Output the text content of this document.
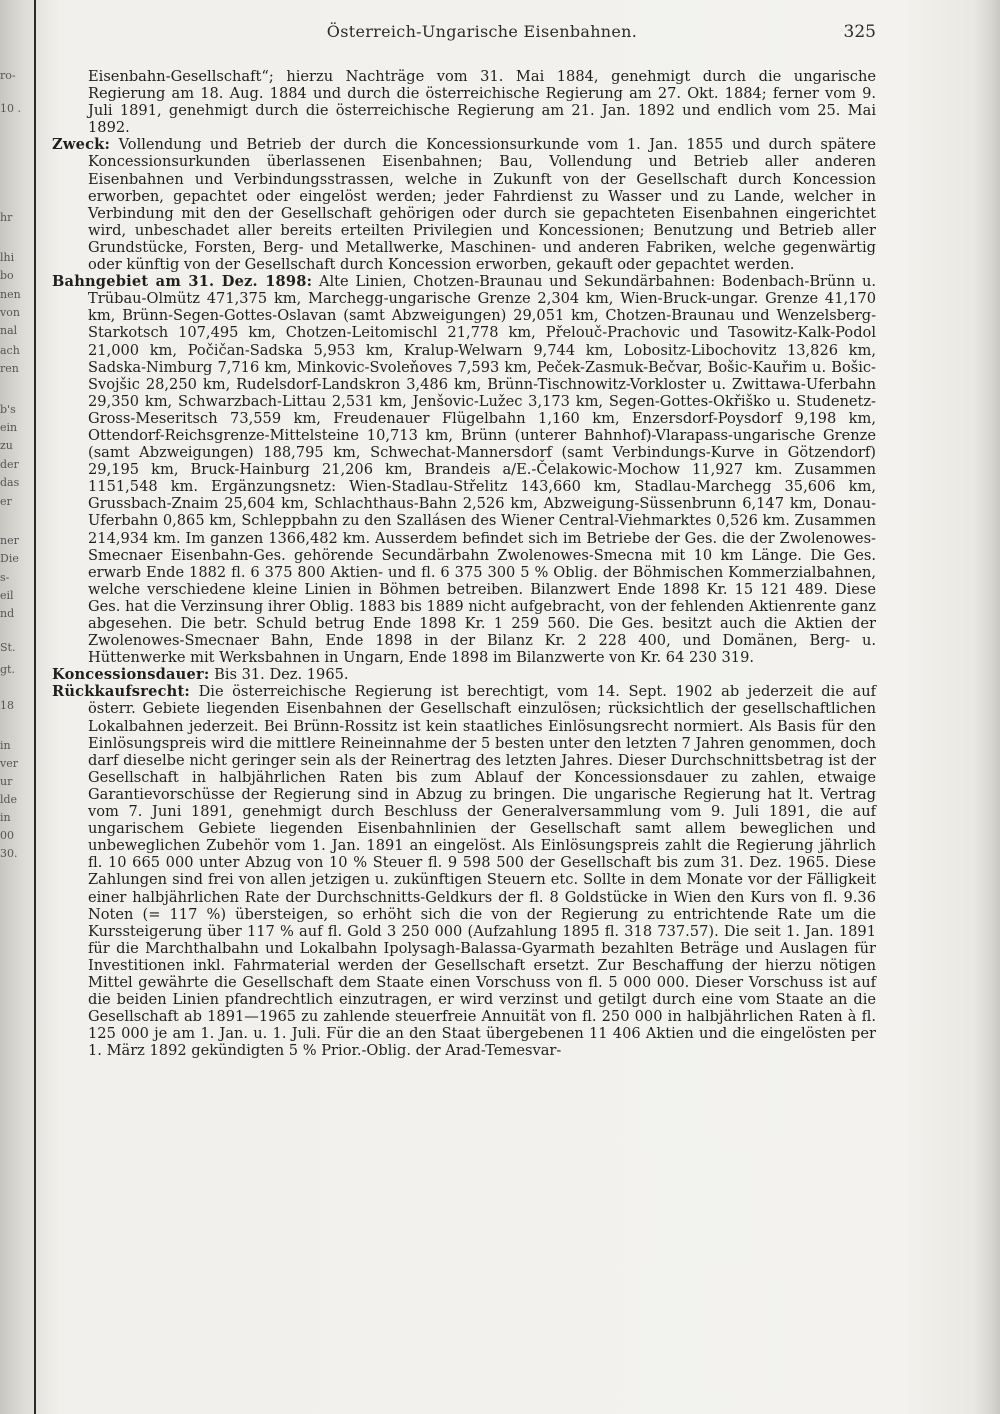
ro-
10 .
hr
lhi
bo
nen
von
nal
ach
ren
b's
ein
zu
der
das
er
ner
Die
s-
eil
nd
St.
gt.
18
in
ver
ur
lde
in
00
30.
Österreich-Ungarische Eisenbahnen.	325

Eisenbahn-Gesellschaft“; hierzu Nachträge vom 31. Mai 1884, genehmigt durch die ungarische Regierung am 18. Aug. 1884 und durch die österreichische Regierung am 27. Okt. 1884; ferner vom 9. Juli 1891, genehmigt durch die österreichische Regierung am 21. Jan. 1892 und endlich vom 25. Mai 1892.

Zweck: Vollendung und Betrieb der durch die Koncessionsurkunde vom 1. Jan. 1855 und durch spätere Koncessionsurkunden überlassenen Eisenbahnen; Bau, Vollendung und Betrieb aller anderen Eisenbahnen und Verbindungsstrassen, welche in Zukunft von der Gesellschaft durch Koncession erworben, gepachtet oder eingelöst werden; jeder Fahrdienst zu Wasser und zu Lande, welcher in Verbindung mit den der Gesellschaft gehörigen oder durch sie gepachteten Eisenbahnen eingerichtet wird, unbeschadet aller bereits erteilten Privilegien und Koncessionen; Benutzung und Betrieb aller Grundstücke, Forsten, Berg- und Metallwerke, Maschinen- und anderen Fabriken, welche gegenwärtig oder künftig von der Gesellschaft durch Koncession erworben, gekauft oder gepachtet werden.

Bahngebiet am 31. Dez. 1898: Alte Linien, Chotzen-Braunau und Sekundärbahnen: Bodenbach-Brünn u. Trübau-Olmütz 471,375 km, Marchegg-ungarische Grenze 2,304 km, Wien-Bruck-ungar. Grenze 41,170 km, Brünn-Segen-Gottes-Oslavan (samt Abzweigungen) 29,051 km, Chotzen-Braunau und Wenzelsberg-Starkotsch 107,495 km, Chotzen-Leitomischl 21,778 km, Přelouč-Prachovic und Tasowitz-Kalk-Podol 21,000 km, Počičan-Sadska 5,953 km, Kralup-Welwarn 9,744 km, Lobositz-Libochovitz 13,826 km, Sadska-Nimburg 7,716 km, Minkovic-Svoleňoves 7,593 km, Peček-Zasmuk-Bečvar, Bošic-Kauřim u. Bošic-Svojšic 28,250 km, Rudelsdorf-Landskron 3,486 km, Brünn-Tischnowitz-Vorkloster u. Zwittawa-Uferbahn 29,350 km, Schwarzbach-Littau 2,531 km, Jenšovic-Lužec 3,173 km, Segen-Gottes-Okřiško u. Studenetz-Gross-Meseritsch 73,559 km, Freudenauer Flügelbahn 1,160 km, Enzersdorf-Poysdorf 9,198 km, Ottendorf-Reichsgrenze-Mittelsteine 10,713 km, Brünn (unterer Bahnhof)-Vlarapass-ungarische Grenze (samt Abzweigungen) 188,795 km, Schwechat-Mannersdorf (samt Verbindungs-Kurve in Götzendorf) 29,195 km, Bruck-Hainburg 21,206 km, Brandeis a/E.-Čelakowic-Mochow 11,927 km. Zusammen 1151,548 km. Ergänzungsnetz: Wien-Stadlau-Střelitz 143,660 km, Stadlau-Marchegg 35,606 km, Grussbach-Znaim 25,604 km, Schlachthaus-Bahn 2,526 km, Abzweigung-Süssenbrunn 6,147 km, Donau-Uferbahn 0,865 km, Schleppbahn zu den Szallásen des Wiener Central-Viehmarktes 0,526 km. Zusammen 214,934 km. Im ganzen 1366,482 km. Ausserdem befindet sich im Betriebe der Ges. die der Zwolenowes-Smecnaer Eisenbahn-Ges. gehörende Secundärbahn Zwolenowes-Smecna mit 10 km Länge. Die Ges. erwarb Ende 1882 fl. 6 375 800 Aktien- und fl. 6 375 300 5 % Oblig. der Böhmischen Kommerzialbahnen, welche verschiedene kleine Linien in Böhmen betreiben. Bilanzwert Ende 1898 Kr. 15 121 489. Diese Ges. hat die Verzinsung ihrer Oblig. 1883 bis 1889 nicht aufgebracht, von der fehlenden Aktienrente ganz abgesehen. Die betr. Schuld betrug Ende 1898 Kr. 1 259 560. Die Ges. besitzt auch die Aktien der Zwolenowes-Smecnaer Bahn, Ende 1898 in der Bilanz Kr. 2 228 400, und Domänen, Berg- u. Hüttenwerke mit Werksbahnen in Ungarn, Ende 1898 im Bilanzwerte von Kr. 64 230 319.

Koncessionsdauer: Bis 31. Dez. 1965.

Rückkaufsrecht: Die österreichische Regierung ist berechtigt, vom 14. Sept. 1902 ab jederzeit die auf österr. Gebiete liegenden Eisenbahnen der Gesellschaft einzulösen; rücksichtlich der gesellschaftlichen Lokalbahnen jederzeit. Bei Brünn-Rossitz ist kein staatliches Einlösungsrecht normiert. Als Basis für den Einlösungspreis wird die mittlere Reineinnahme der 5 besten unter den letzten 7 Jahren genommen, doch darf dieselbe nicht geringer sein als der Reinertrag des letzten Jahres. Dieser Durchschnittsbetrag ist der Gesellschaft in halbjährlichen Raten bis zum Ablauf der Koncessionsdauer zu zahlen, etwaige Garantievorschüsse der Regierung sind in Abzug zu bringen. Die ungarische Regierung hat lt. Vertrag vom 7. Juni 1891, genehmigt durch Beschluss der Generalversammlung vom 9. Juli 1891, die auf ungarischem Gebiete liegenden Eisenbahnlinien der Gesellschaft samt allem beweglichen und unbeweglichen Zubehör vom 1. Jan. 1891 an eingelöst. Als Einlösungspreis zahlt die Regierung jährlich fl. 10 665 000 unter Abzug von 10 % Steuer fl. 9 598 500 der Gesellschaft bis zum 31. Dez. 1965. Diese Zahlungen sind frei von allen jetzigen u. zukünftigen Steuern etc. Sollte in dem Monate vor der Fälligkeit einer halbjährlichen Rate der Durchschnitts-Geldkurs der fl. 8 Goldstücke in Wien den Kurs von fl. 9.36 Noten (= 117 %) übersteigen, so erhöht sich die von der Regierung zu entrichtende Rate um die Kurssteigerung über 117 % auf fl. Gold 3 250 000 (Aufzahlung 1895 fl. 318 737.57). Die seit 1. Jan. 1891 für die Marchthalbahn und Lokalbahn Ipolysagh-Balassa-Gyarmath bezahlten Beträge und Auslagen für Investitionen inkl. Fahrmaterial werden der Gesellschaft ersetzt. Zur Beschaffung der hierzu nötigen Mittel gewährte die Gesellschaft dem Staate einen Vorschuss von fl. 5 000 000. Dieser Vorschuss ist auf die beiden Linien pfandrechtlich einzutragen, er wird verzinst und getilgt durch eine vom Staate an die Gesellschaft ab 1891—1965 zu zahlende steuerfreie Annuität von fl. 250 000 in halbjährlichen Raten à fl. 125 000 je am 1. Jan. u. 1. Juli. Für die an den Staat übergebenen 11 406 Aktien und die eingelösten per 1. März 1892 gekündigten 5 % Prior.-Oblig. der Arad-Temesvar-
